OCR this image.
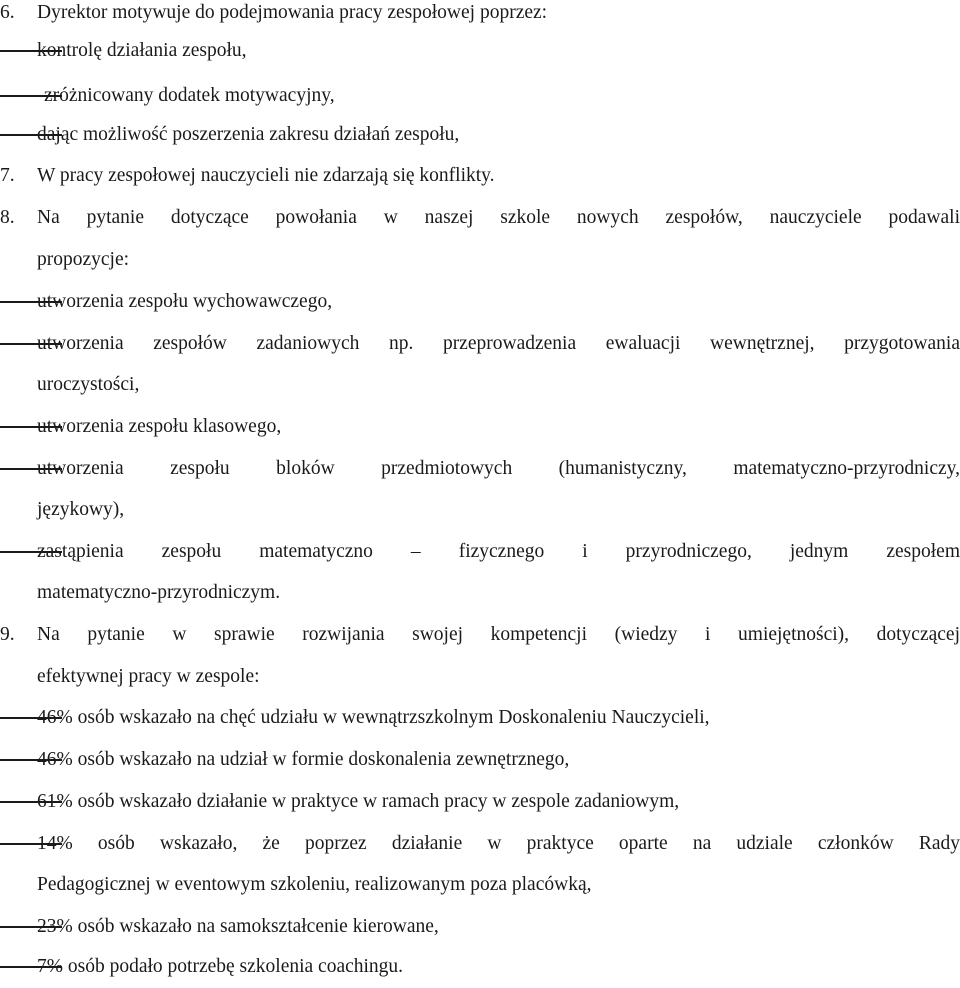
6. Dyrektor motywuje do podejmowania pracy zespołowej poprzez:
kontrolę działania zespołu,
zróżnicowany dodatek motywacyjny,
dając możliwość poszerzenia zakresu działań zespołu,
7. W pracy zespołowej nauczycieli nie zdarzają się konflikty.
8. Na pytanie dotyczące powołania w naszej szkole nowych zespołów, nauczyciele podawali
propozycje:
utworzenia zespołu wychowawczego,
utworzenia zespołów zadaniowych np. przeprowadzenia ewaluacji wewnętrznej, przygotowania
uroczystości,
utworzenia zespołu klasowego,
utworzenia zespołu bloków przedmiotowych (humanistyczny, matematyczno-przyrodniczy,
językowy),
zastąpienia zespołu matematyczno – fizycznego i przyrodniczego, jednym zespołem
matematyczno-przyrodniczym.
9. Na pytanie w sprawie rozwijania swojej kompetencji (wiedzy i umiejętności), dotyczącej
efektywnej pracy w zespole:
46% osób wskazało na chęć udziału w wewnątrzszkolnym Doskonaleniu Nauczycieli,
46% osób wskazało na udział w formie doskonalenia zewnętrznego,
61% osób wskazało działanie w praktyce w ramach pracy w zespole zadaniowym,
14% osób wskazało, że poprzez działanie w praktyce oparte na udziale członków Rady
Pedagogicznej w eventowym szkoleniu, realizowanym poza placówką,
23% osób wskazało na samokształcenie kierowane,
7% osób podało potrzebę szkolenia coachingu.
